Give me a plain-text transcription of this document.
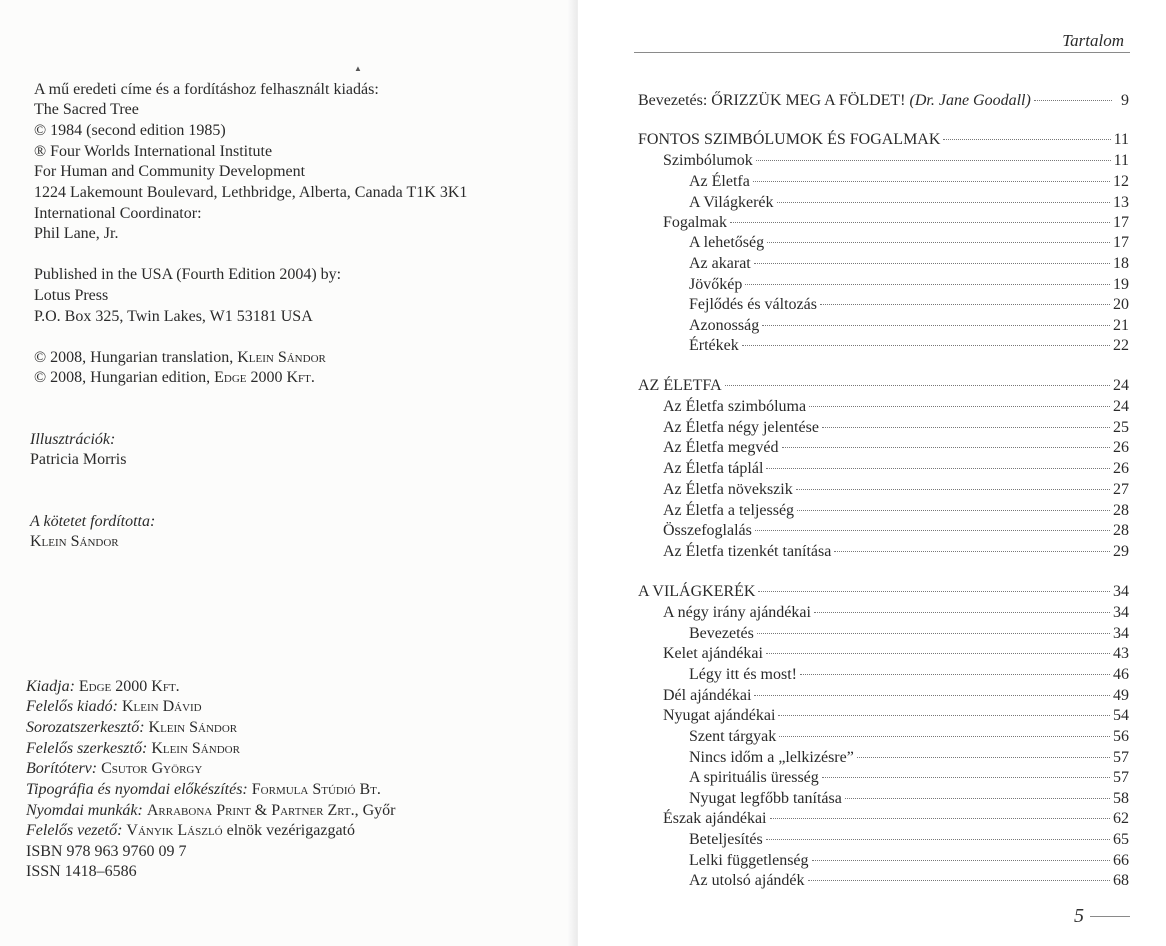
▲
A mű eredeti címe és a fordításhoz felhasznált kiadás:
The Sacred Tree
© 1984 (second edition 1985)
® Four Worlds International Institute
For Human and Community Development
1224 Lakemount Boulevard, Lethbridge, Alberta, Canada T1K 3K1
International Coordinator:
Phil Lane, Jr.
Published in the USA (Fourth Edition 2004) by:
Lotus Press
P.O. Box 325, Twin Lakes, W1 53181 USA
© 2008, Hungarian translation, Klein Sándor
© 2008, Hungarian edition, Edge 2000 Kft.
Illusztrációk:
Patricia Morris
A kötetet fordította:
Klein Sándor
Kiadja: Edge 2000 Kft.
Felelős kiadó: Klein Dávid
Sorozatszerkesztő: Klein Sándor
Felelős szerkesztő: Klein Sándor
Borítóterv: Csutor György
Tipográfia és nyomdai előkészítés: Formula Stúdió Bt.
Nyomdai munkák: Arrabona Print & Partner Zrt., Győr
Felelős vezető: Ványik László elnök vezérigazgató
ISBN 978 963 9760 09 7
ISSN 1418–6586
Tartalom
Bevezetés: ŐRIZZÜK MEG A FÖLDET! (Dr. Jane Goodall)	9
FONTOS SZIMBÓLUMOK ÉS FOGALMAK	11
Szimbólumok	11
Az Életfa	12
A Világkerék	13
Fogalmak	17
A lehetőség	17
Az akarat	18
Jövőkép	19
Fejlődés és változás	20
Azonosság	21
Értékek	22
AZ ÉLETFA	24
Az Életfa szimbóluma	24
Az Életfa négy jelentése	25
Az Életfa megvéd	26
Az Életfa táplál	26
Az Életfa növekszik	27
Az Életfa a teljesség	28
Összefoglalás	28
Az Életfa tizenkét tanítása	29
A VILÁGKERÉK	34
A négy irány ajándékai	34
Bevezetés	34
Kelet ajándékai	43
Légy itt és most!	46
Dél ajándékai	49
Nyugat ajándékai	54
Szent tárgyak	56
Nincs időm a „lelkizésre”	57
A spirituális üresség	57
Nyugat legfőbb tanítása	58
Észak ajándékai	62
Beteljesítés	65
Lelki függetlenség	66
Az utolsó ajándék	68
5
